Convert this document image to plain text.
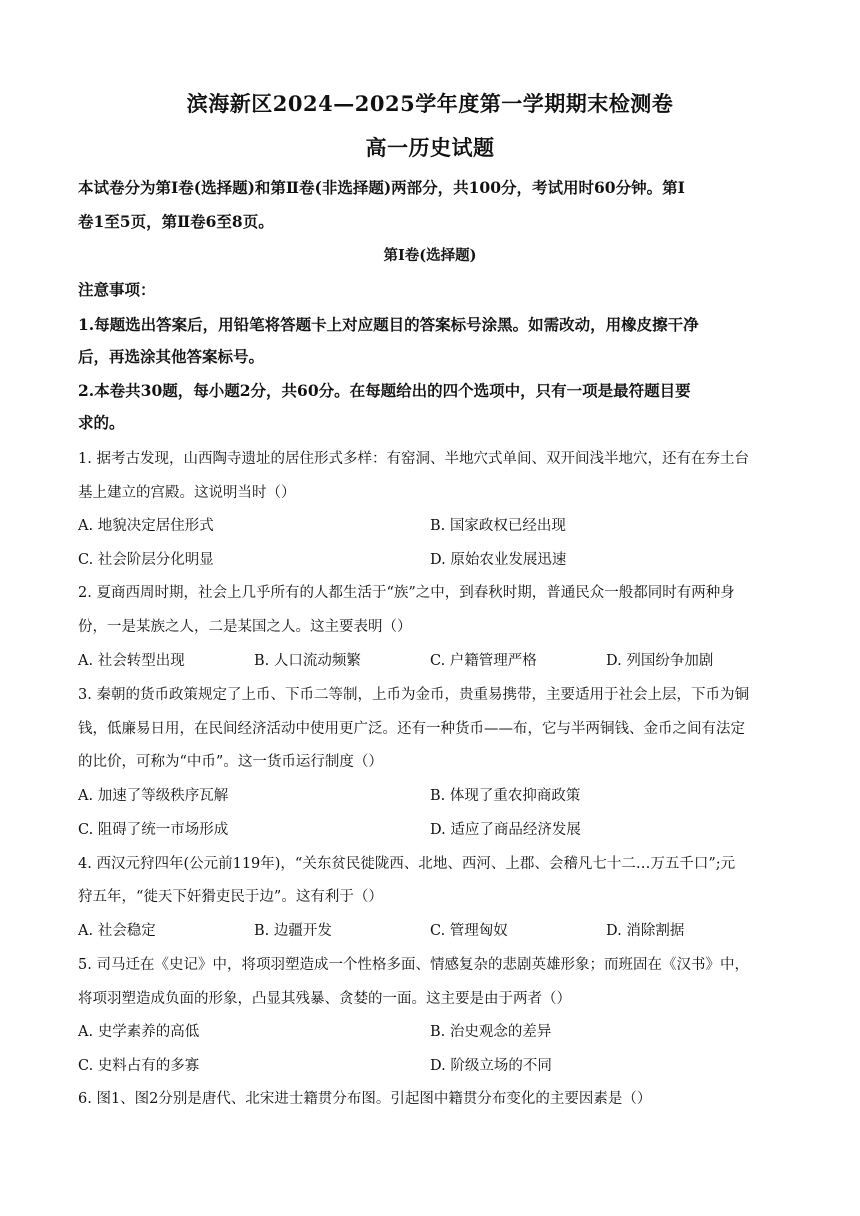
滨海新区2024—2025学年度第一学期期末检测卷
高一历史试题
本试卷分为第Ⅰ卷(选择题)和第Ⅱ卷(非选择题)两部分，共100分，考试用时60分钟。第Ⅰ
卷1至5页，第Ⅱ卷6至8页。
第Ⅰ卷(选择题)
注意事项：
1.每题选出答案后，用铅笔将答题卡上对应题目的答案标号涂黑。如需改动，用橡皮擦干净
后，再选涂其他答案标号。
2.本卷共30题，每小题2分，共60分。在每题给出的四个选项中，只有一项是最符题目要
求的。
1. 据考古发现，山西陶寺遗址的居住形式多样：有窑洞、半地穴式单间、双开间浅半地穴，还有在夯土台
基上建立的宫殿。这说明当时（）
A. 地貌决定居住形式	B. 国家政权已经出现
C. 社会阶层分化明显	D. 原始农业发展迅速
2. 夏商西周时期，社会上几乎所有的人都生活于“族”之中，到春秋时期，普通民众一般都同时有两种身
份，一是某族之人，二是某国之人。这主要表明（）
A. 社会转型出现	B. 人口流动频繁	C. 户籍管理严格	D. 列国纷争加剧
3. 秦朝的货币政策规定了上币、下币二等制，上币为金币，贵重易携带，主要适用于社会上层，下币为铜
钱，低廉易日用，在民间经济活动中使用更广泛。还有一种货币——布，它与半两铜钱、金币之间有法定
的比价，可称为“中币”。这一货币运行制度（）
A. 加速了等级秩序瓦解	B. 体现了重农抑商政策
C. 阻碍了统一市场形成	D. 适应了商品经济发展
4. 西汉元狩四年(公元前119年)，“关东贫民徙陇西、北地、西河、上郡、会稽凡七十二…万五千口”;元
狩五年，“徙天下奸猾吏民于边”。这有利于（）
A. 社会稳定	B. 边疆开发	C. 管理匈奴	D. 消除割据
5. 司马迁在《史记》中，将项羽塑造成一个性格多面、情感复杂的悲剧英雄形象；而班固在《汉书》中，
将项羽塑造成负面的形象，凸显其残暴、贪婪的一面。这主要是由于两者（）
A. 史学素养的高低	B. 治史观念的差异
C. 史料占有的多寡	D. 阶级立场的不同
6. 图1、图2分别是唐代、北宋进士籍贯分布图。引起图中籍贯分布变化的主要因素是（）
